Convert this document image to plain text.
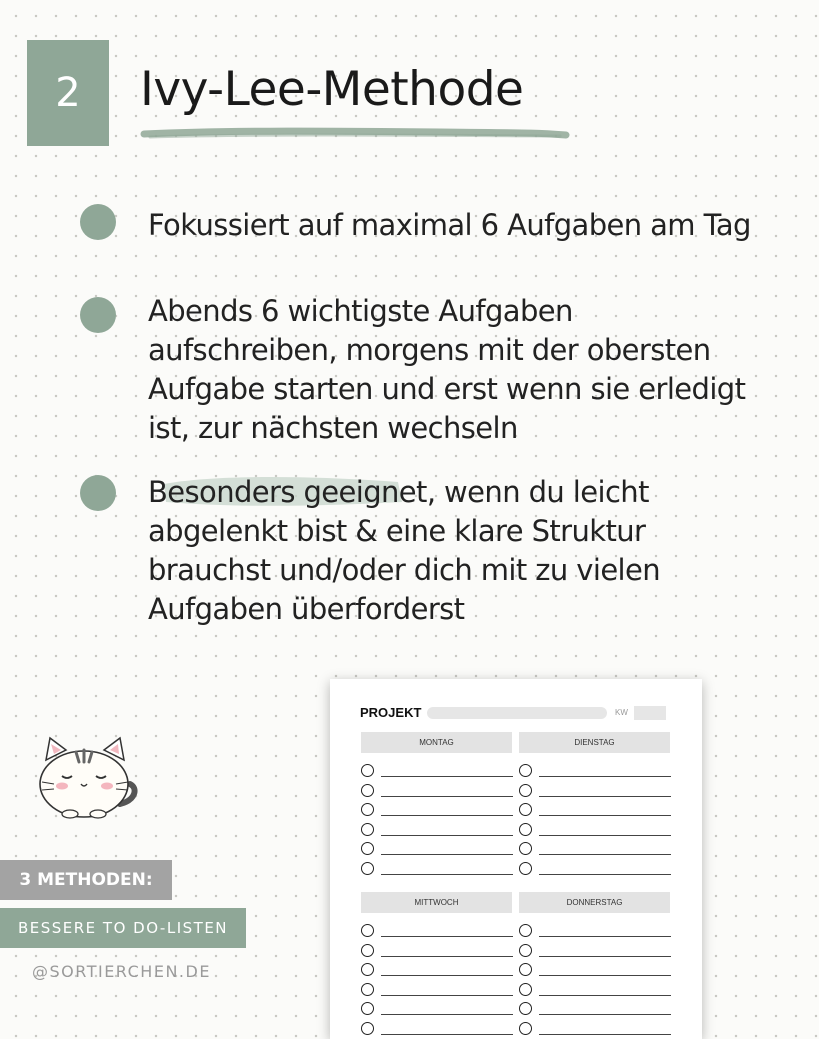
2 Ivy-Lee-Methode
Fokussiert auf maximal 6 Aufgaben am Tag
Abends 6 wichtigste Aufgaben
aufschreiben, morgens mit der obersten
Aufgabe starten und erst wenn sie erledigt
ist, zur nächsten wechseln
Besonders geeignet, wenn du leicht
abgelenkt bist & eine klare Struktur
brauchst und/oder dich mit zu vielen
Aufgaben überforderst
3 METHODEN:
BESSERE TO DO-LISTEN
@SORTIERCHEN.DE
PROJEKT	KW
MONTAG	DIENSTAG
MITTWOCH	DONNERSTAG
